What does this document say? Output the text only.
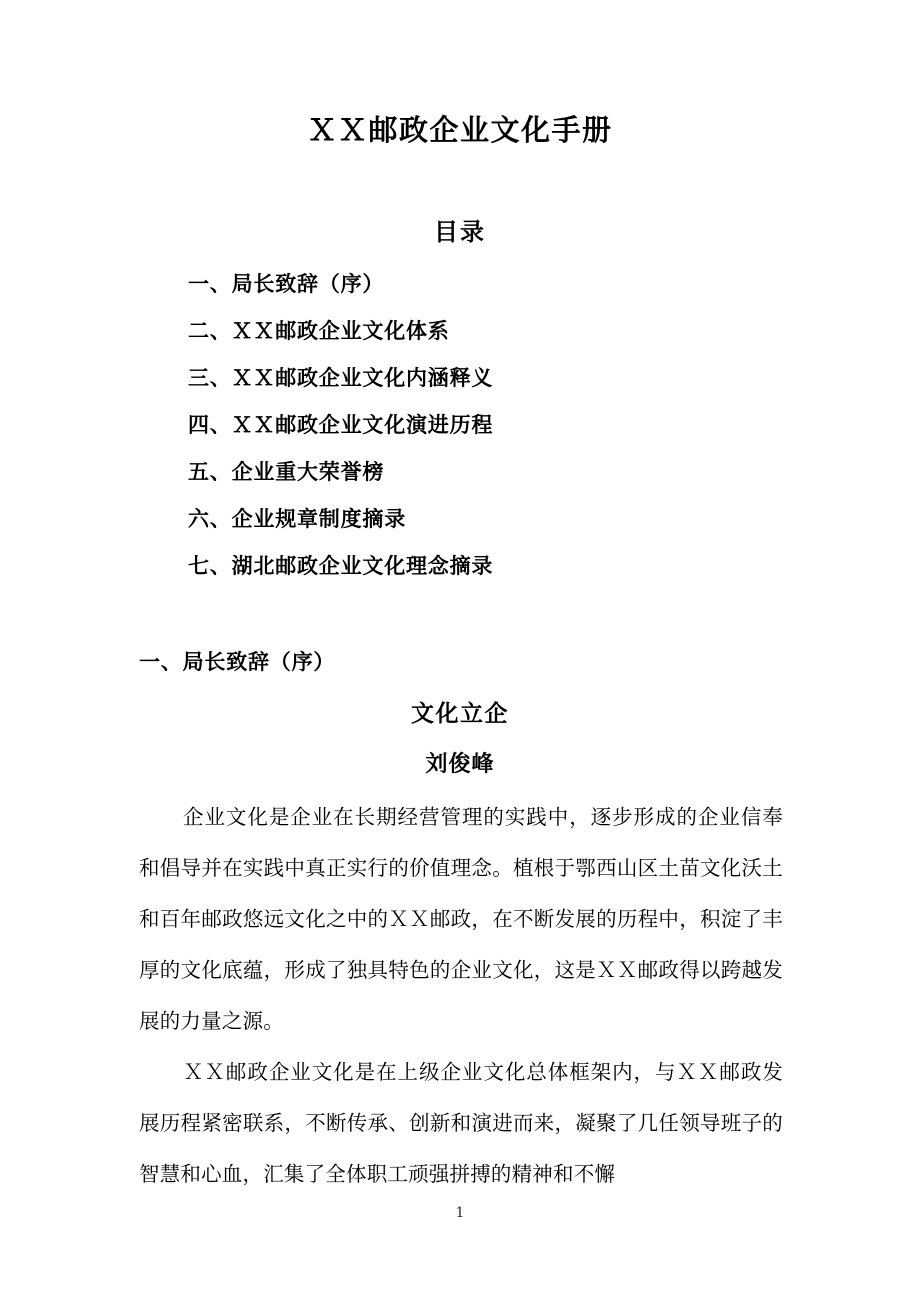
ＸＸ邮政企业文化手册
目录
一、局长致辞（序）
二、ＸＸ邮政企业文化体系
三、ＸＸ邮政企业文化内涵释义
四、ＸＸ邮政企业文化演进历程
五、企业重大荣誉榜
六、企业规章制度摘录
七、湖北邮政企业文化理念摘录
一、局长致辞（序）
文化立企
刘俊峰

企业文化是企业在长期经营管理的实践中，逐步形成的企业信奉和倡导并在实践中真正实行的价值理念。植根于鄂西山区土苗文化沃土和百年邮政悠远文化之中的ＸＸ邮政，在不断发展的历程中，积淀了丰厚的文化底蕴，形成了独具特色的企业文化，这是ＸＸ邮政得以跨越发展的力量之源。

ＸＸ邮政企业文化是在上级企业文化总体框架内，与ＸＸ邮政发展历程紧密联系，不断传承、创新和演进而来，凝聚了几任领导班子的智慧和心血，汇集了全体职工顽强拼搏的精神和不懈

1
